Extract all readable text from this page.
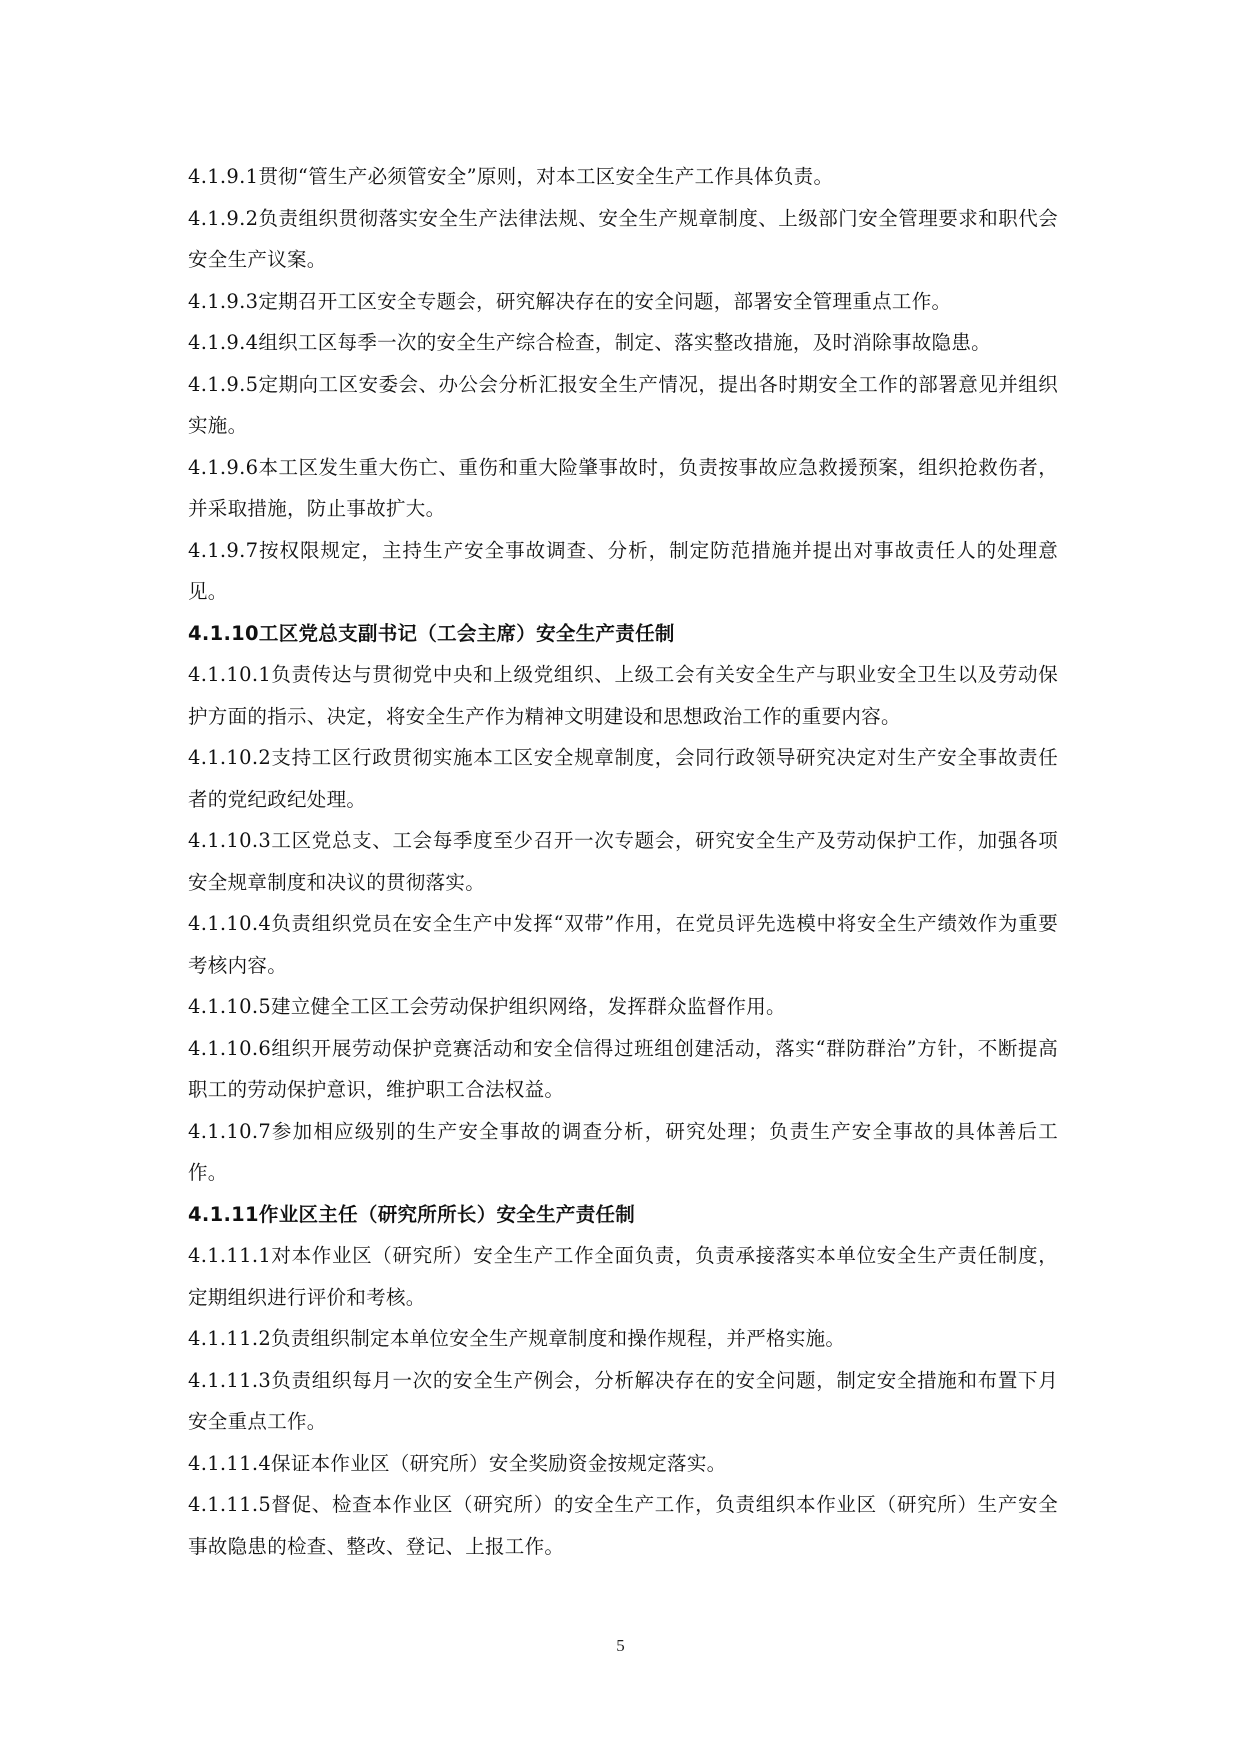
4.1.9.1贯彻“管生产必须管安全”原则，对本工区安全生产工作具体负责。

4.1.9.2负责组织贯彻落实安全生产法律法规、安全生产规章制度、上级部门安全管理要求和职代会安全生产议案。

4.1.9.3定期召开工区安全专题会，研究解决存在的安全问题，部署安全管理重点工作。

4.1.9.4组织工区每季一次的安全生产综合检查，制定、落实整改措施，及时消除事故隐患。

4.1.9.5定期向工区安委会、办公会分析汇报安全生产情况，提出各时期安全工作的部署意见并组织实施。

4.1.9.6本工区发生重大伤亡、重伤和重大险肇事故时，负责按事故应急救援预案，组织抢救伤者，并采取措施，防止事故扩大。

4.1.9.7按权限规定，主持生产安全事故调查、分析，制定防范措施并提出对事故责任人的处理意见。

4.1.10工区党总支副书记（工会主席）安全生产责任制

4.1.10.1负责传达与贯彻党中央和上级党组织、上级工会有关安全生产与职业安全卫生以及劳动保护方面的指示、决定，将安全生产作为精神文明建设和思想政治工作的重要内容。

4.1.10.2支持工区行政贯彻实施本工区安全规章制度，会同行政领导研究决定对生产安全事故责任者的党纪政纪处理。

4.1.10.3工区党总支、工会每季度至少召开一次专题会，研究安全生产及劳动保护工作，加强各项安全规章制度和决议的贯彻落实。

4.1.10.4负责组织党员在安全生产中发挥“双带”作用，在党员评先选模中将安全生产绩效作为重要考核内容。

4.1.10.5建立健全工区工会劳动保护组织网络，发挥群众监督作用。

4.1.10.6组织开展劳动保护竞赛活动和安全信得过班组创建活动，落实“群防群治”方针，不断提高职工的劳动保护意识，维护职工合法权益。

4.1.10.7参加相应级别的生产安全事故的调查分析，研究处理；负责生产安全事故的具体善后工作。

4.1.11作业区主任（研究所所长）安全生产责任制

4.1.11.1对本作业区（研究所）安全生产工作全面负责，负责承接落实本单位安全生产责任制度，定期组织进行评价和考核。

4.1.11.2负责组织制定本单位安全生产规章制度和操作规程，并严格实施。

4.1.11.3负责组织每月一次的安全生产例会，分析解决存在的安全问题，制定安全措施和布置下月安全重点工作。

4.1.11.4保证本作业区（研究所）安全奖励资金按规定落实。

4.1.11.5督促、检查本作业区（研究所）的安全生产工作，负责组织本作业区（研究所）生产安全事故隐患的检查、整改、登记、上报工作。

5
